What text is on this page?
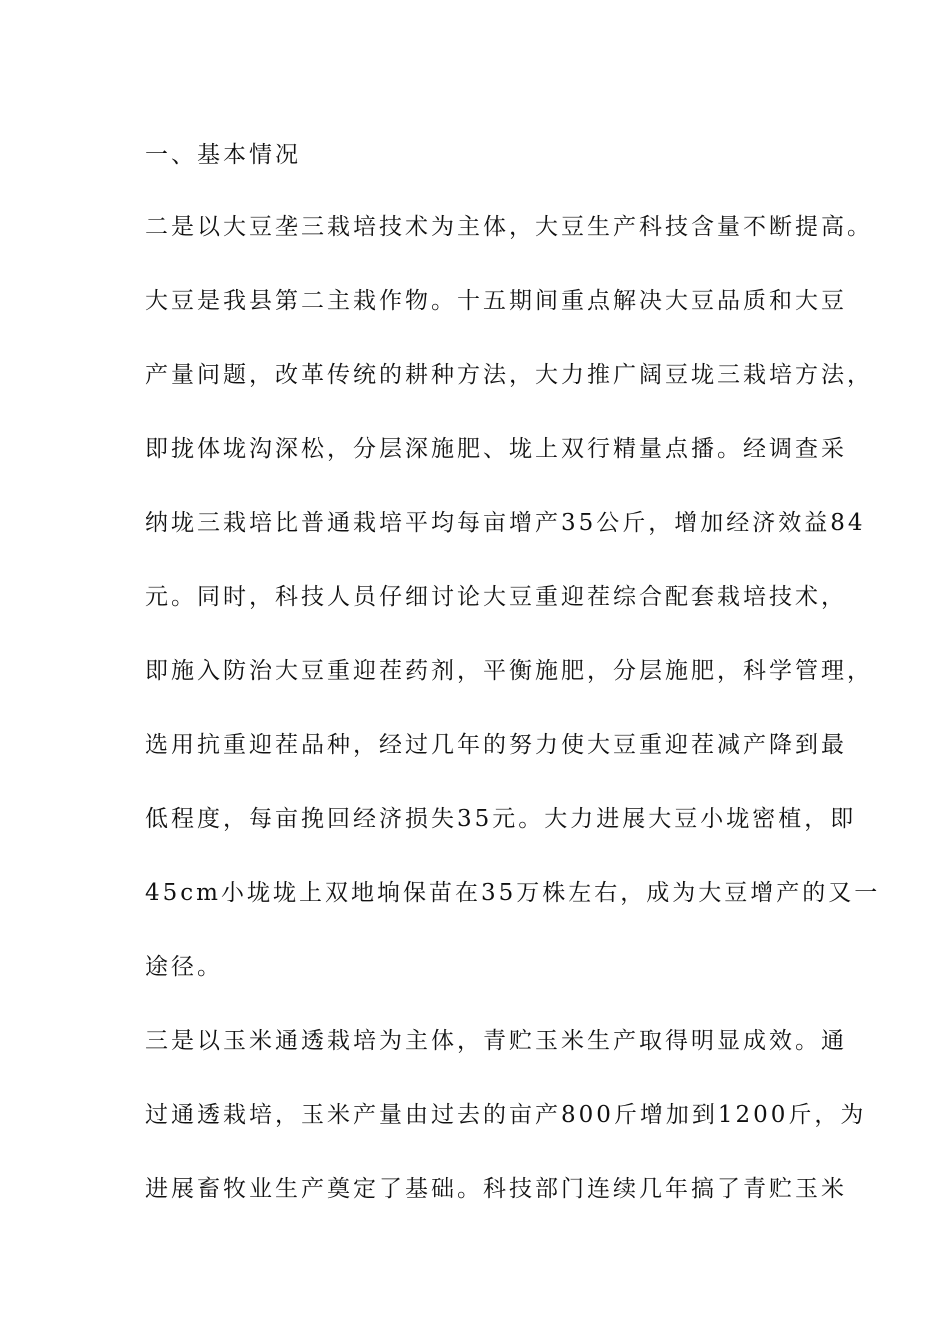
一、基本情况
二是以大豆垄三栽培技术为主体，大豆生产科技含量不断提高。
大豆是我县第二主栽作物。十五期间重点解决大豆品质和大豆
产量问题，改革传统的耕种方法，大力推广阔豆垅三栽培方法，
即拢体垅沟深松，分层深施肥、垅上双行精量点播。经调查采
纳垅三栽培比普通栽培平均每亩增产35公斤，增加经济效益84
元。同时，科技人员仔细讨论大豆重迎茬综合配套栽培技术，
即施入防治大豆重迎茬药剂，平衡施肥，分层施肥，科学管理，
选用抗重迎茬品种，经过几年的努力使大豆重迎茬减产降到最
低程度，每亩挽回经济损失35元。大力进展大豆小垅密植，即
45cm小垅垅上双地垧保苗在35万株左右，成为大豆增产的又一
途径。
三是以玉米通透栽培为主体，青贮玉米生产取得明显成效。通
过通透栽培，玉米产量由过去的亩产800斤增加到1200斤，为
进展畜牧业生产奠定了基础。科技部门连续几年搞了青贮玉米
